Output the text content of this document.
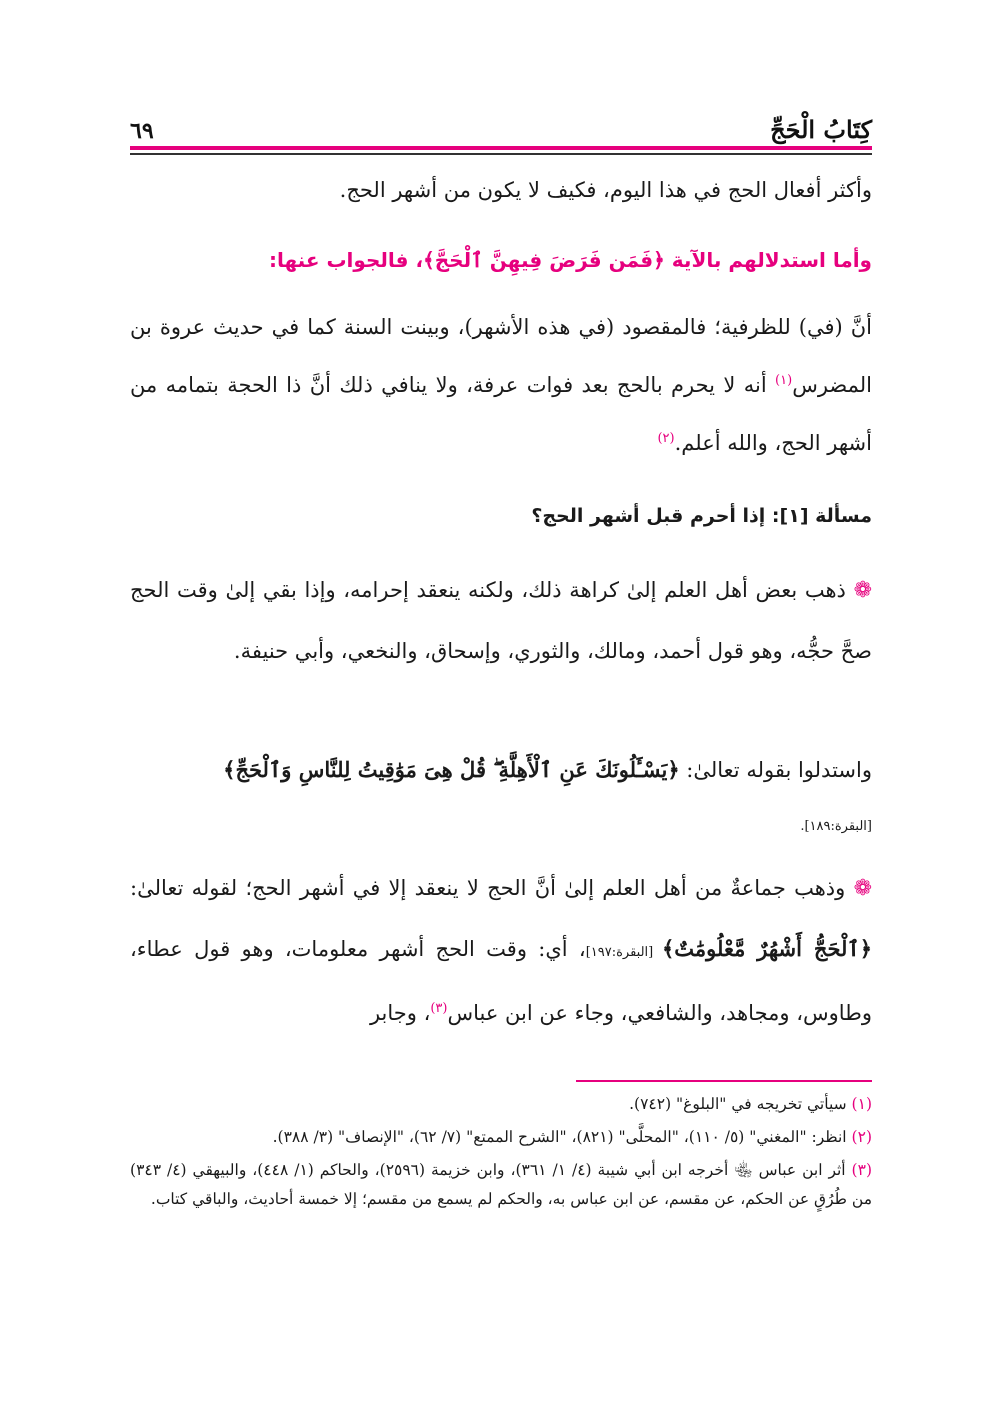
كِتَابُ الْحَجِّ
٦٩

وأكثر أفعال الحج في هذا اليوم، فكيف لا يكون من أشهر الحج.

وأما استدلالهم بالآية ﴿فَمَن فَرَضَ فِيهِنَّ ٱلْحَجَّ﴾، فالجواب عنها:

أنَّ (في) للظرفية؛ فالمقصود (في هذه الأشهر)، وبينت السنة كما في حديث عروة بن المضرس$^{(١)}$ أنه لا يحرم بالحج بعد فوات عرفة، ولا ينافي ذلك أنَّ ذا الحجة بتمامه من أشهر الحج، والله أعلم.$^{(٢)}$

مسألة [١]: إذا أحرم قبل أشهر الحج؟

❁ ذهب بعض أهل العلم إلىٰ كراهة ذلك، ولكنه ينعقد إحرامه، وإذا بقي إلىٰ وقت الحج صحَّ حجُّه، وهو قول أحمد، ومالك، والثوري، وإسحاق، والنخعي، وأبي حنيفة.

واستدلوا بقوله تعالىٰ: ﴿يَسْـَٔلُونَكَ عَنِ ٱلْأَهِلَّةِ ۖ قُلْ هِىَ مَوَٰقِيتُ لِلنَّاسِ وَٱلْحَجِّ﴾

[البقرة:١٨٩].

❁ وذهب جماعةٌ من أهل العلم إلىٰ أنَّ الحج لا ينعقد إلا في أشهر الحج؛ لقوله تعالىٰ: ﴿ٱلْحَجُّ أَشْهُرٌ مَّعْلُومَٰتٌ﴾ [البقرة:١٩٧]، أي: وقت الحج أشهر معلومات، وهو قول عطاء، وطاوس، ومجاهد، والشافعي، وجاء عن ابن عباس$^{(٣)}$، وجابر

(١) سيأتي تخريجه في "البلوغ" (٧٤٢).

(٢) انظر: "المغني" (٥/ ١١٠)، "المحلَّى" (٨٢١)، "الشرح الممتع" (٧/ ٦٢)، "الإنصاف" (٣/ ٣٨٨).

(٣) أثر ابن عباس ﵄ أخرجه ابن أبي شيبة (٤/ ١/ ٣٦١)، وابن خزيمة (٢٥٩٦)، والحاكم (١/ ٤٤٨)، والبيهقي (٤/ ٣٤٣) من طُرُقٍ عن الحكم، عن مقسم، عن ابن عباس به، والحكم لم يسمع من مقسم؛ إلا خمسة أحاديث، والباقي كتاب.
